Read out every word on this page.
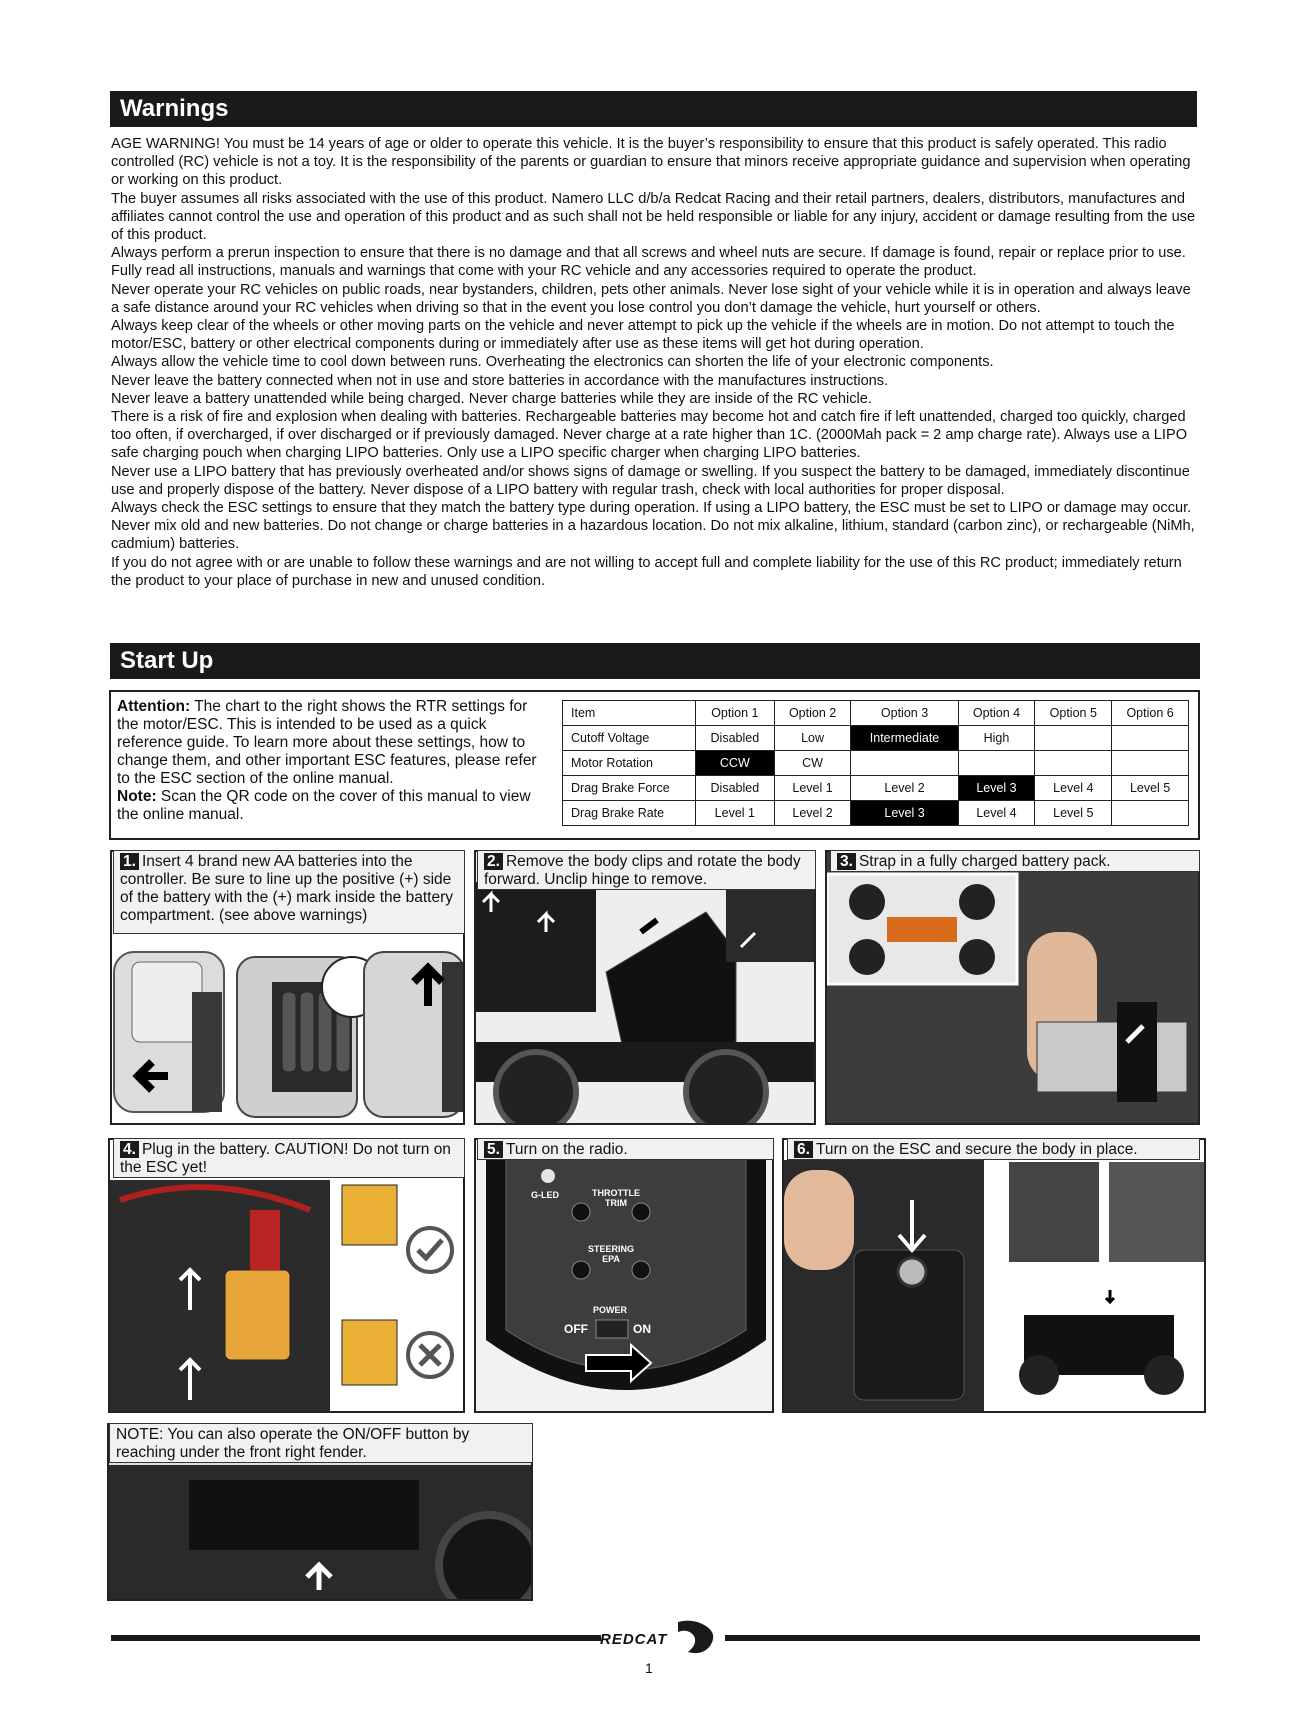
Warnings

AGE WARNING! You must be 14 years of age or older to operate this vehicle. It is the buyer’s responsibility to ensure that this product is safely operated. This radio controlled (RC) vehicle is not a toy. It is the responsibility of the parents or guardian to ensure that minors receive appropriate guidance and supervision when operating or working on this product.

The buyer assumes all risks associated with the use of this product. Namero LLC d/b/a Redcat Racing and their retail partners, dealers, distributors, manufactures and affiliates cannot control the use and operation of this product and as such shall not be held responsible or liable for any injury, accident or damage resulting from the use of this product.

Always perform a prerun inspection to ensure that there is no damage and that all screws and wheel nuts are secure. If damage is found, repair or replace prior to use.

Fully read all instructions, manuals and warnings that come with your RC vehicle and any accessories required to operate the product.

Never operate your RC vehicles on public roads, near bystanders, children, pets other animals. Never lose sight of your vehicle while it is in operation and always leave a safe distance around your RC vehicles when driving so that in the event you lose control you don’t damage the vehicle, hurt yourself or others.

Always keep clear of the wheels or other moving parts on the vehicle and never attempt to pick up the vehicle if the wheels are in motion. Do not attempt to touch the motor/ESC, battery or other electrical components during or immediately after use as these items will get hot during operation.

Always allow the vehicle time to cool down between runs. Overheating the electronics can shorten the life of your electronic components.

Never leave the battery connected when not in use and store batteries in accordance with the manufactures instructions.

Never leave a battery unattended while being charged. Never charge batteries while they are inside of the RC vehicle.

There is a risk of fire and explosion when dealing with batteries. Rechargeable batteries may become hot and catch fire if left unattended, charged too quickly, charged too often, if overcharged, if over discharged or if previously damaged. Never charge at a rate higher than 1C. (2000Mah pack = 2 amp charge rate). Always use a LIPO safe charging pouch when charging LIPO batteries. Only use a LIPO specific charger when charging LIPO batteries.

Never use a LIPO battery that has previously overheated and/or shows signs of damage or swelling. If you suspect the battery to be damaged, immediately discontinue use and properly dispose of the battery. Never dispose of a LIPO battery with regular trash, check with local authorities for proper disposal.

Always check the ESC settings to ensure that they match the battery type during operation. If using a LIPO battery, the ESC must be set to LIPO or damage may occur.

Never mix old and new batteries. Do not change or charge batteries in a hazardous location. Do not mix alkaline, lithium, standard (carbon zinc), or rechargeable (NiMh, cadmium) batteries.

If you do not agree with or are unable to follow these warnings and are not willing to accept full and complete liability for the use of this RC product; immediately return the product to your place of purchase in new and unused condition.

Start Up
Attention: The chart to the right shows the RTR settings for the motor/ESC. This is intended to be used as a quick reference guide. To learn more about these settings, how to change them, and other important ESC features, please refer to the ESC section of the online manual.
Note: Scan the QR code on the cover of this manual to view the online manual.
Item	Option 1	Option 2	Option 3	Option 4	Option 5	Option 6
Cutoff Voltage	Disabled	Low	Intermediate	High		
Motor Rotation	CCW	CW				
Drag Brake Force	Disabled	Level 1	Level 2	Level 3	Level 4	Level 5
Drag Brake Rate	Level 1	Level 2	Level 3	Level 4	Level 5	
1. Insert 4 brand new AA batteries into the controller. Be sure to line up the positive (+) side of the battery with the (+) mark inside the battery compartment. (see above warnings)
2. Remove the body clips and rotate the body forward. Unclip hinge to remove.
3. Strap in a fully charged battery pack.
4. Plug in the battery. CAUTION! Do not turn on the ESC yet!
G-LED	THROTTLE TRIM
STEERING EPA
POWER
OFF	ON
5. Turn on the radio.	6. Turn on the ESC and secure the body in place.
NOTE: You can also operate the ON/OFF button by reaching under the front right fender.
REDCAT
1
